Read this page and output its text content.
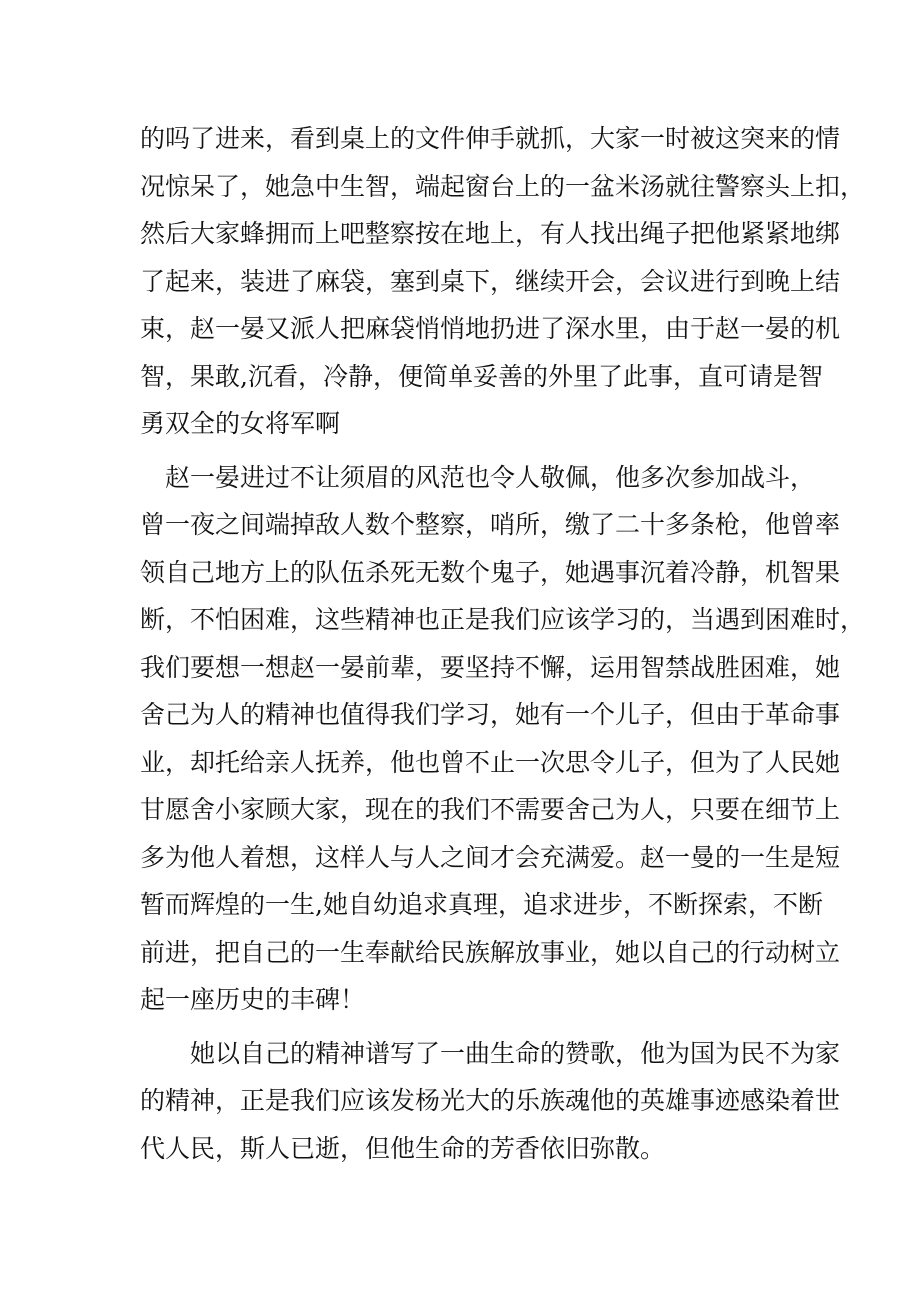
的吗了进来，看到桌上的文件伸手就抓，大家一时被这突来的情
况惊呆了，她急中生智，端起窗台上的一盆米汤就往警察头上扣，
然后大家蜂拥而上吧整察按在地上，有人找出绳子把他紧紧地绑
了起来，装进了麻袋，塞到桌下，继续开会，会议进行到晚上结
束，赵一晏又派人把麻袋悄悄地扔进了深水里，由于赵一晏的机
智，果敢,沉看，冷静，便简单妥善的外里了此事，直可请是智
勇双全的女将军啊
　赵一晏进过不让须眉的风范也令人敬佩，他多次参加战斗，
曾一夜之间端掉敌人数个整察，哨所，缴了二十多条枪，他曾率
领自己地方上的队伍杀死无数个鬼子，她遇事沉着冷静，机智果
断，不怕困难，这些精神也正是我们应该学习的，当遇到困难时，
我们要想一想赵一晏前辈，要坚持不懈，运用智禁战胜困难，她
舍己为人的精神也值得我们学习，她有一个儿子，但由于革命事
业，却托给亲人抚养，他也曾不止一次思令儿子，但为了人民她
甘愿舍小家顾大家，现在的我们不需要舍己为人，只要在细节上
多为他人着想，这样人与人之间才会充满爱。赵一曼的一生是短
暂而辉煌的一生,她自幼追求真理，追求进步，不断探索，不断
前进，把自己的一生奉献给民族解放事业，她以自己的行动树立
起一座历史的丰碑！
　　她以自己的精神谱写了一曲生命的赞歌，他为国为民不为家
的精神，正是我们应该发杨光大的乐族魂他的英雄事迹感染着世
代人民，斯人已逝，但他生命的芳香依旧弥散。
